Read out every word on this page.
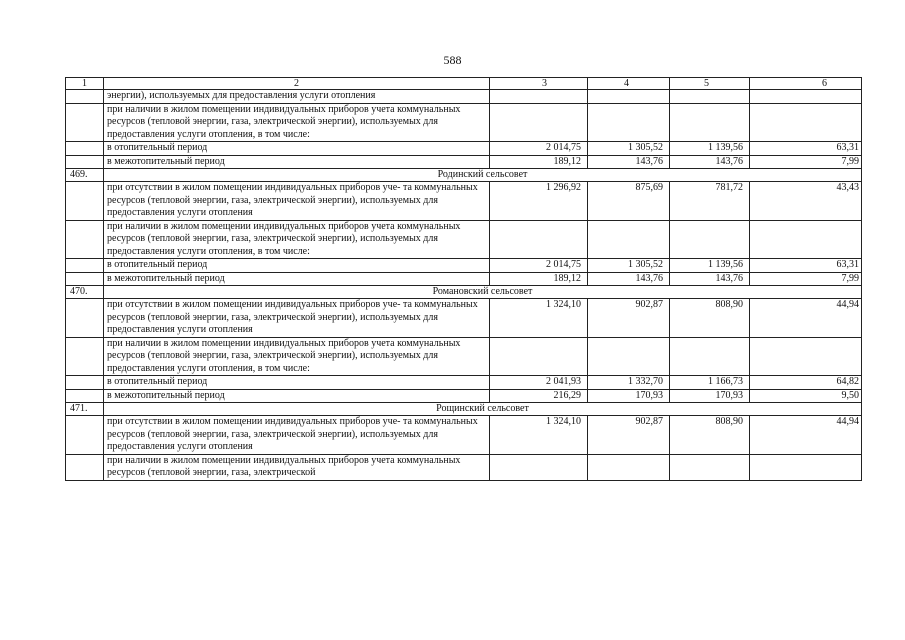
588
1	2	3	4	5	6
	энергии), используемых для предоставления услуги отопления				
	при наличии в жилом помещении индивидуальных приборов учета коммунальных ресурсов (тепловой энергии, газа, электрической энергии), используемых для предоставления услуги отопления, в том числе:				
	в отопительный период	2 014,75	1 305,52	1 139,56	63,31
	в межотопительный период	189,12	143,76	143,76	7,99
469.	Родинский сельсовет				
	при отсутствии в жилом помещении индивидуальных приборов уче- та коммунальных ресурсов (тепловой энергии, газа, электрической энергии), используемых для предоставления услуги отопления	1 296,92	875,69	781,72	43,43
	при наличии в жилом помещении индивидуальных приборов учета коммунальных ресурсов (тепловой энергии, газа, электрической энергии), используемых для предоставления услуги отопления, в том числе:				
	в отопительный период	2 014,75	1 305,52	1 139,56	63,31
	в межотопительный период	189,12	143,76	143,76	7,99
470.	Романовский сельсовет				
	при отсутствии в жилом помещении индивидуальных приборов уче- та коммунальных ресурсов (тепловой энергии, газа, электрической энергии), используемых для предоставления услуги отопления	1 324,10	902,87	808,90	44,94
	при наличии в жилом помещении индивидуальных приборов учета коммунальных ресурсов (тепловой энергии, газа, электрической энергии), используемых для предоставления услуги отопления, в том числе:				
	в отопительный период	2 041,93	1 332,70	1 166,73	64,82
	в межотопительный период	216,29	170,93	170,93	9,50
471.	Рощинский сельсовет				
	при отсутствии в жилом помещении индивидуальных приборов уче- та коммунальных ресурсов (тепловой энергии, газа, электрической энергии), используемых для предоставления услуги отопления	1 324,10	902,87	808,90	44,94
	при наличии в жилом помещении индивидуальных приборов учета коммунальных ресурсов (тепловой энергии, газа, электрической				
